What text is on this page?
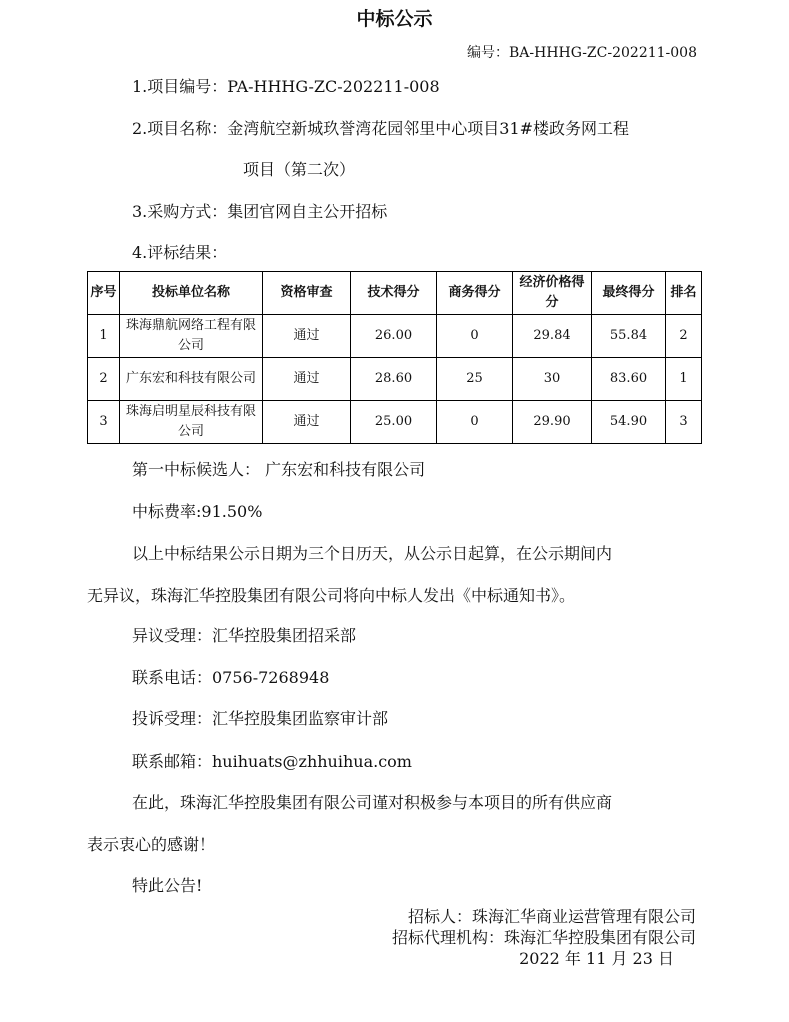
中标公示
编号：BA-HHHG-ZC-202211-008
1.项目编号：PA-HHHG-ZC-202211-008
2.项目名称：金湾航空新城玖誉湾花园邻里中心项目31#楼政务网工程
项目（第二次）
3.采购方式：集团官网自主公开招标
4.评标结果：
序号	投标单位名称	资格审查	技术得分	商务得分	经济价格得分	最终得分	排名
1	珠海鼎航网络工程有限公司	通过	26.00	0	29.84	55.84	2
2	广东宏和科技有限公司	通过	28.60	25	30	83.60	1
3	珠海启明星辰科技有限公司	通过	25.00	0	29.90	54.90	3
第一中标候选人： 广东宏和科技有限公司
中标费率:91.50%
以上中标结果公示日期为三个日历天，从公示日起算，在公示期间内
无异议，珠海汇华控股集团有限公司将向中标人发出《中标通知书》。
异议受理：汇华控股集团招采部
联系电话：0756-7268948
投诉受理：汇华控股集团监察审计部
联系邮箱：huihuats@zhhuihua.com
在此，珠海汇华控股集团有限公司谨对积极参与本项目的所有供应商
表示衷心的感谢！
特此公告!
招标人：珠海汇华商业运营管理有限公司
招标代理机构：珠海汇华控股集团有限公司
2022 年 11 月 23 日
